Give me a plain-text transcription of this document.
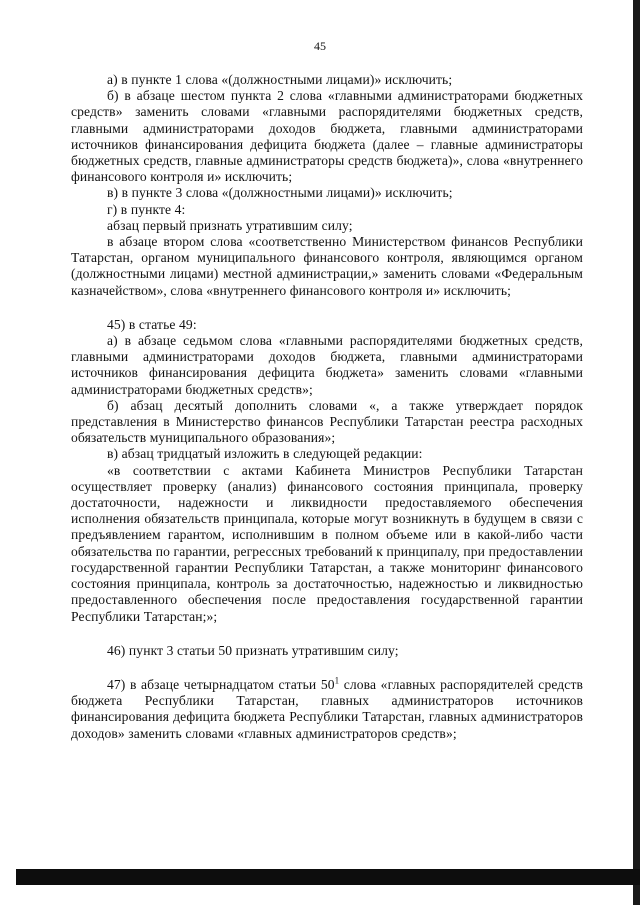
45

а) в пункте 1 слова «(должностными лицами)» исключить;

б) в абзаце шестом пункта 2 слова «главными администраторами бюджетных средств» заменить словами «главными распорядителями бюджетных средств, главными администраторами доходов бюджета, главными администраторами источников финансирования дефицита бюджета (далее – главные администраторы бюджетных средств, главные администраторы средств бюджета)», слова «внутреннего финансового контроля и» исключить;

в) в пункте 3 слова «(должностными лицами)» исключить;

г) в пункте 4:

абзац первый признать утратившим силу;

в абзаце втором слова «соответственно Министерством финансов Республики Татарстан, органом муниципального финансового контроля, являющимся органом (должностными лицами) местной администрации,» заменить словами «Федеральным казначейством», слова «внутреннего финансового контроля и» исключить;

45) в статье 49:

а) в абзаце седьмом слова «главными распорядителями бюджетных средств, главными администраторами доходов бюджета, главными администраторами источников финансирования дефицита бюджета» заменить словами «главными администраторами бюджетных средств»;

б) абзац десятый дополнить словами «, а также утверждает порядок представления в Министерство финансов Республики Татарстан реестра расходных обязательств муниципального образования»;

в) абзац тридцатый изложить в следующей редакции:

«в соответствии с актами Кабинета Министров Республики Татарстан осуществляет проверку (анализ) финансового состояния принципала, проверку достаточности, надежности и ликвидности предоставляемого обеспечения исполнения обязательств принципала, которые могут возникнуть в будущем в связи с предъявлением гарантом, исполнившим в полном объеме или в какой-либо части обязательства по гарантии, регрессных требований к принципалу, при предоставлении государственной гарантии Республики Татарстан, а также мониторинг финансового состояния принципала, контроль за достаточностью, надежностью и ликвидностью предоставленного обеспечения после предоставления государственной гарантии Республики Татарстан;»;

46) пункт 3 статьи 50 признать утратившим силу;

47) в абзаце четырнадцатом статьи $50^1$ слова «главных распорядителей средств бюджета Республики Татарстан, главных администраторов источников финансирования дефицита бюджета Республики Татарстан, главных администраторов доходов» заменить словами «главных администраторов средств»;
